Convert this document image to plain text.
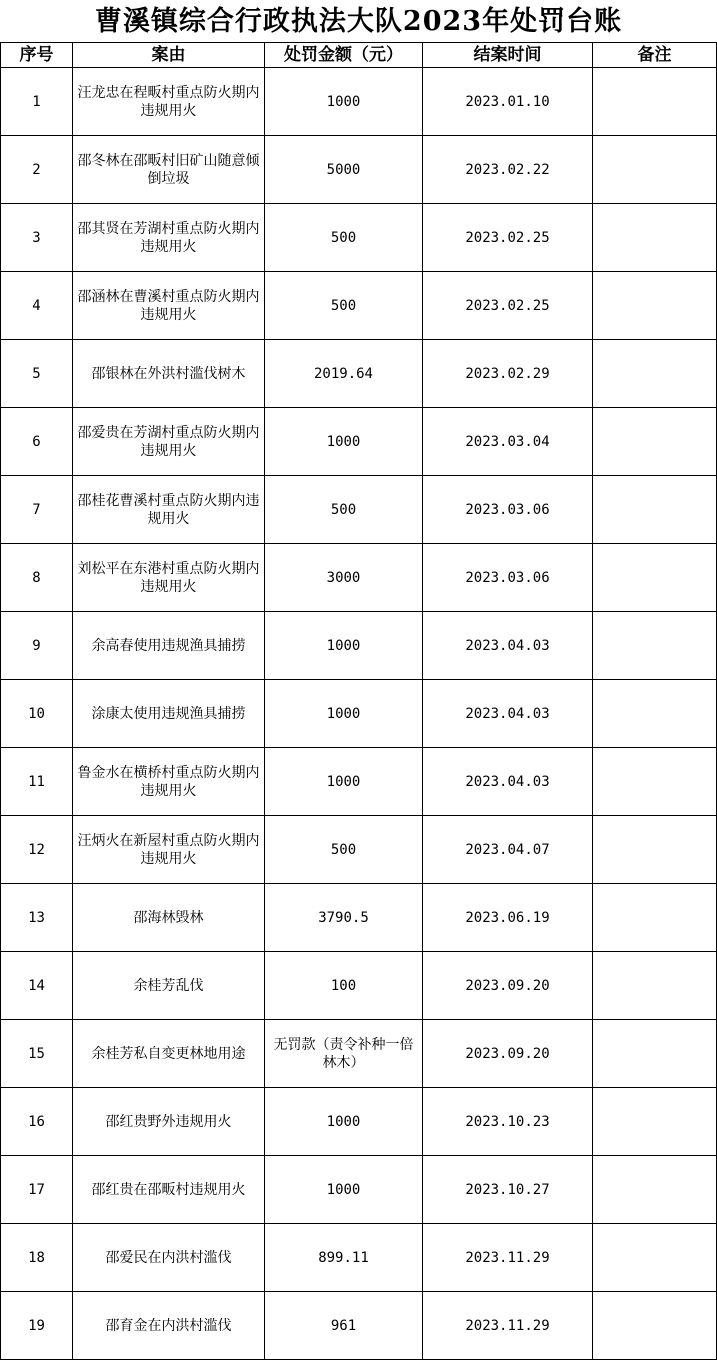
曹溪镇综合行政执法大队2023年处罚台账
序号	案由	处罚金额（元）	结案时间	备注
1	汪龙忠在程畈村重点防火期内违规用火	1000	2023.01.10	
2	邵冬林在邵畈村旧矿山随意倾倒垃圾	5000	2023.02.22	
3	邵其贤在芳湖村重点防火期内违规用火	500	2023.02.25	
4	邵涵林在曹溪村重点防火期内违规用火	500	2023.02.25	
5	邵银林在外洪村滥伐树木	2019.64	2023.02.29	
6	邵爱贵在芳湖村重点防火期内违规用火	1000	2023.03.04	
7	邵桂花曹溪村重点防火期内违规用火	500	2023.03.06	
8	刘松平在东港村重点防火期内违规用火	3000	2023.03.06	
9	余高春使用违规渔具捕捞	1000	2023.04.03	
10	涂康太使用违规渔具捕捞	1000	2023.04.03	
11	鲁金水在横桥村重点防火期内违规用火	1000	2023.04.03	
12	汪炳火在新屋村重点防火期内违规用火	500	2023.04.07	
13	邵海林毁林	3790.5	2023.06.19	
14	余桂芳乱伐	100	2023.09.20	
15	余桂芳私自变更林地用途	无罚款（责令补种一倍林木）	2023.09.20	
16	邵红贵野外违规用火	1000	2023.10.23	
17	邵红贵在邵畈村违规用火	1000	2023.10.27	
18	邵爱民在内洪村滥伐	899.11	2023.11.29	
19	邵育金在内洪村滥伐	961	2023.11.29	
